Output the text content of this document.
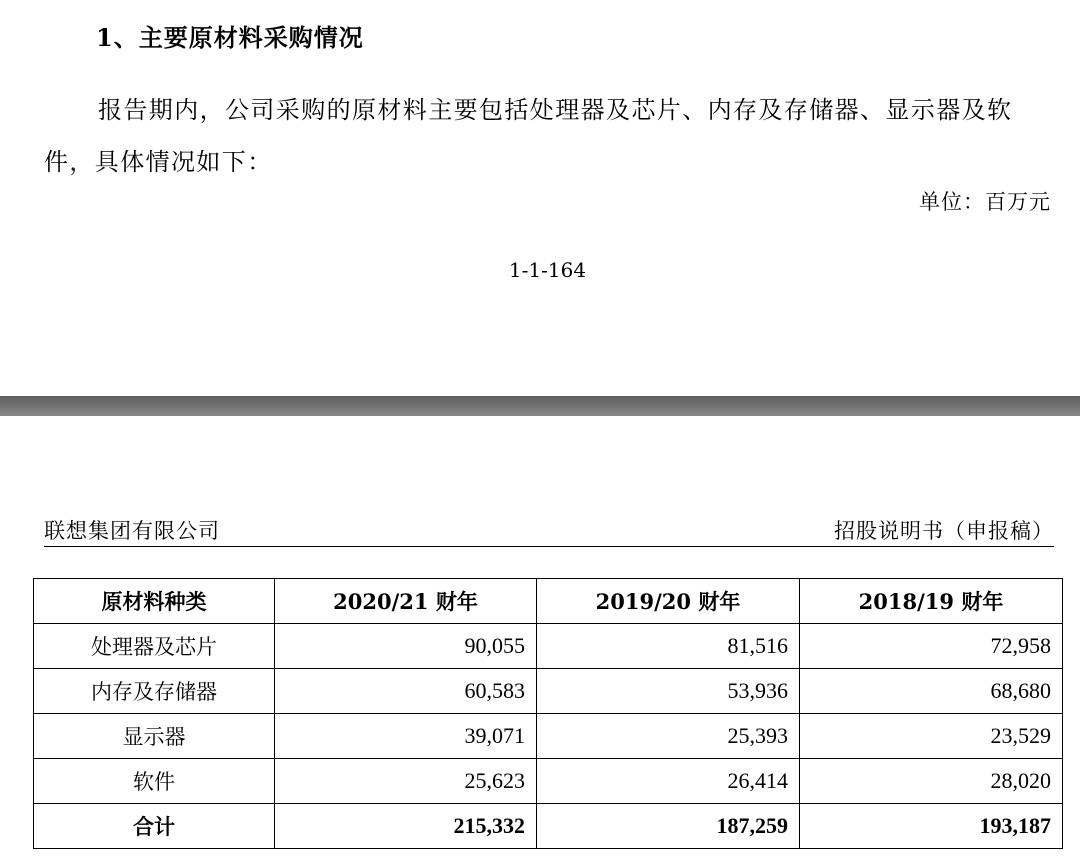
1、主要原材料采购情况

报告期内，公司采购的原材料主要包括处理器及芯片、内存及存储器、显示器及软件，具体情况如下：

单位：百万元
1-1-164
联想集团有限公司	招股说明书（申报稿）
原材料种类	2020/21 财年	2019/20 财年	2018/19 财年
处理器及芯片	90,055	81,516	72,958
内存及存储器	60,583	53,936	68,680
显示器	39,071	25,393	23,529
软件	25,623	26,414	28,020
合计	215,332	187,259	193,187
